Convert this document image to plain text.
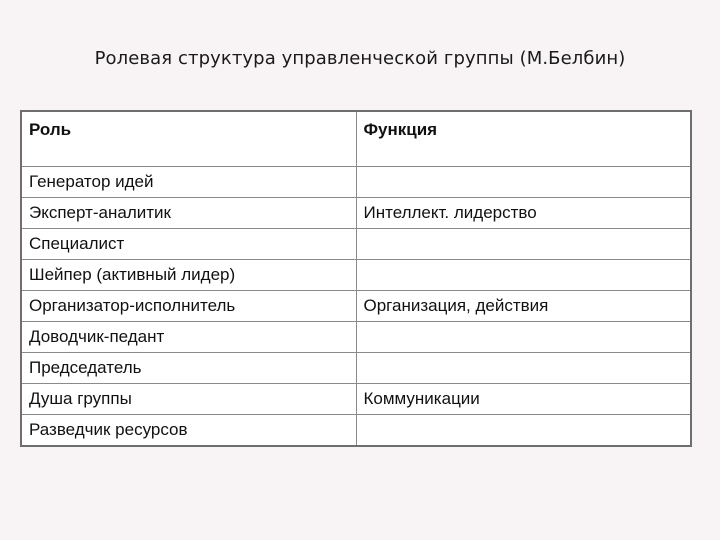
Ролевая структура управленческой группы (М.Белбин)
Роль	Функция
Генератор идей	
Эксперт-аналитик	Интеллект. лидерство
Специалист	
Шейпер (активный лидер)	
Организатор-исполнитель	Организация, действия
Доводчик-педант	
Председатель	
Душа группы	Коммуникации
Разведчик ресурсов	
